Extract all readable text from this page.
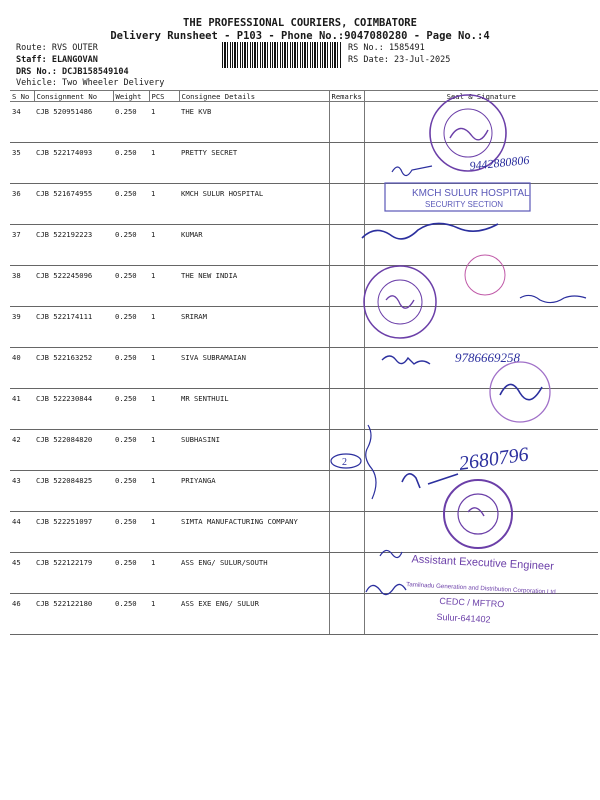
THE PROFESSIONAL COURIERS, COIMBATORE
Delivery Runsheet - P103 - Phone No.:9047080280 - Page No.:4
Route: RVS OUTER
Staff: ELANGOVAN
DRS No.: DCJB158549104
Vehicle: Two Wheeler Delivery
RS No.: 1585491
RS Date: 23-Jul-2025
S No	Consignment No	Weight	PCS	Consignee Details	Remarks	Seal & Signature
34	CJB 520951486	0.250	1	THE KVB		
35	CJB 522174093	0.250	1	PRETTY SECRET		
36	CJB 521674955	0.250	1	KMCH SULUR HOSPITAL		
37	CJB 522192223	0.250	1	KUMAR		
38	CJB 522245096	0.250	1	THE NEW INDIA		
39	CJB 522174111	0.250	1	SRIRAM		
40	CJB 522163252	0.250	1	SIVA SUBRAMAIAN		
41	CJB 522230844	0.250	1	MR SENTHUIL		
42	CJB 522084820	0.250	1	SUBHASINI		
43	CJB 522084825	0.250	1	PRIYANGA		
44	CJB 522251097	0.250	1	SIMTA MANUFACTURING COMPANY		
45	CJB 522122179	0.250	1	ASS ENG/ SULUR/SOUTH		
46	CJB 522122180	0.250	1	ASS EXE ENG/ SULUR		
9442880806
KMCH SULUR HOSPITAL
SECURITY SECTION
9786669258
2	2680796
Assistant Executive Engineer
Tamilnadu Generation and Distribution Corporation Ltd
CEDC / MFTRO
Sulur-641402
